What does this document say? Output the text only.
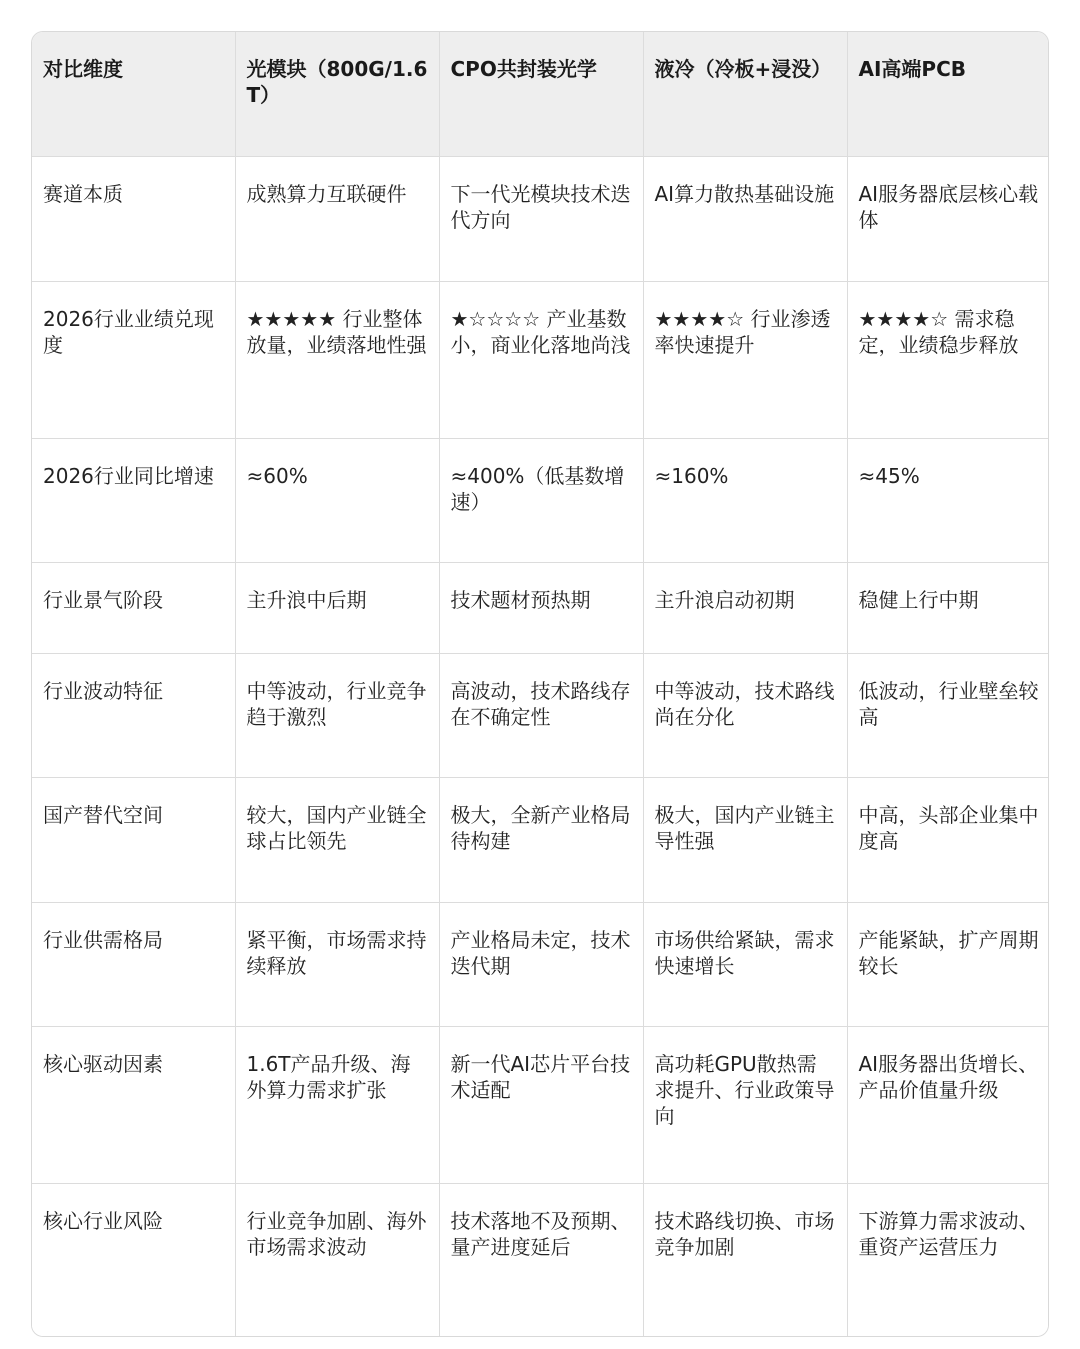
对比维度	光模块（800G/1.6T）	CPO共封装光学	液冷（冷板+浸没）	AI高端PCB
赛道本质	成熟算力互联硬件	下一代光模块技术迭代方向	AI算力散热基础设施	AI服务器底层核心载体
2026行业业绩兑现度	★★★★★ 行业整体放量，业绩落地性强	★☆☆☆☆ 产业基数小，商业化落地尚浅	★★★★☆ 行业渗透率快速提升	★★★★☆ 需求稳定，业绩稳步释放
2026行业同比增速	≈60%	≈400%（低基数增速）	≈160%	≈45%
行业景气阶段	主升浪中后期	技术题材预热期	主升浪启动初期	稳健上行中期
行业波动特征	中等波动，行业竞争趋于激烈	高波动，技术路线存在不确定性	中等波动，技术路线尚在分化	低波动，行业壁垒较高
国产替代空间	较大，国内产业链全球占比领先	极大，全新产业格局待构建	极大，国内产业链主导性强	中高，头部企业集中度高
行业供需格局	紧平衡，市场需求持续释放	产业格局未定，技术迭代期	市场供给紧缺，需求快速增长	产能紧缺，扩产周期较长
核心驱动因素	1.6T产品升级、海外算力需求扩张	新一代AI芯片平台技术适配	高功耗GPU散热需求提升、行业政策导向	AI服务器出货增长、产品价值量升级
核心行业风险	行业竞争加剧、海外市场需求波动	技术落地不及预期、量产进度延后	技术路线切换、市场竞争加剧	下游算力需求波动、重资产运营压力
